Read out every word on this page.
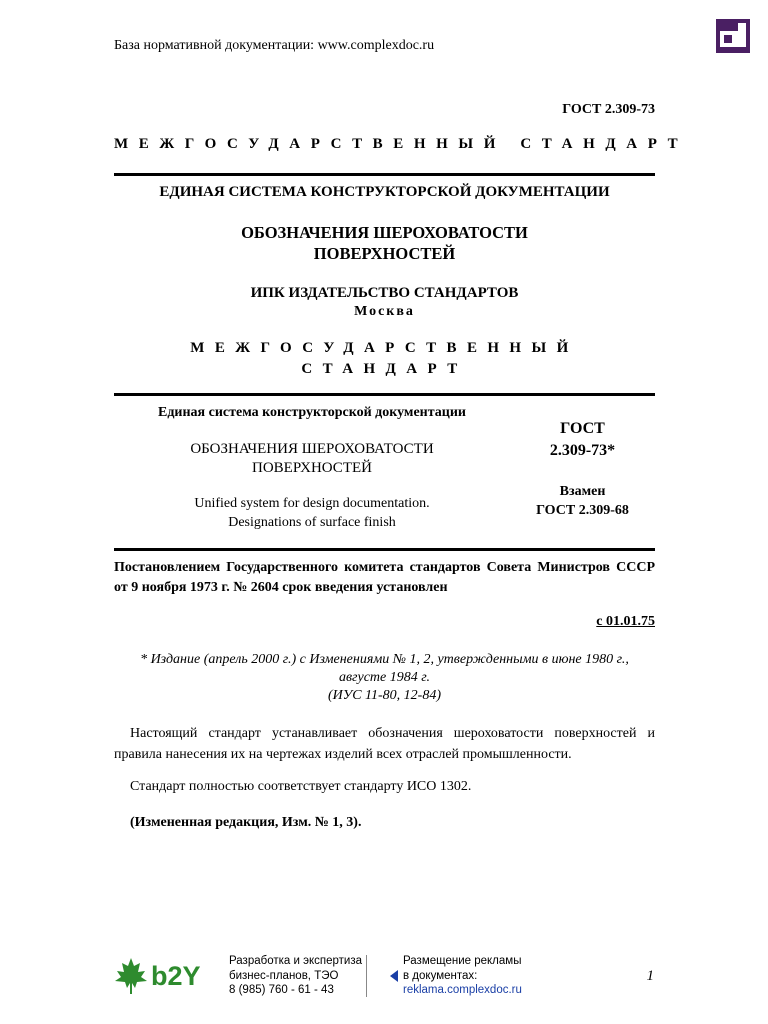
База нормативной документации: www.complexdoc.ru
ГОСТ 2.309-73
МЕЖГОСУДАРСТВЕННЫЙ СТАНДАРТ
ЕДИНАЯ СИСТЕМА КОНСТРУКТОРСКОЙ ДОКУМЕНТАЦИИ
ОБОЗНАЧЕНИЯ ШЕРОХОВАТОСТИ
ПОВЕРХНОСТЕЙ
ИПК ИЗДАТЕЛЬСТВО СТАНДАРТОВ
Москва
МЕЖГОСУДАРСТВЕННЫЙ
СТАНДАРТ
Единая система конструкторской документации
ОБОЗНАЧЕНИЯ ШЕРОХОВАТОСТИ
ПОВЕРХНОСТЕЙ
Unified system for design documentation.
Designations of surface finish
ГОСТ
2.309-73*
Взамен
ГОСТ 2.309-68
Постановлением Государственного комитета стандартов Совета Министров СССР от 9 ноября 1973 г. № 2604 срок введения установлен
с 01.01.75
* Издание (апрель 2000 г.) с Изменениями № 1, 2, утвержденными в июне 1980 г.,
августе 1984 г.
(ИУС 11-80, 12-84)
Настоящий стандарт устанавливает обозначения шероховатости поверхностей и правила нанесения их на чертежах изделий всех отраслей промышленности.
Стандарт полностью соответствует стандарту ИСО 1302.
(Измененная редакция, Изм. № 1, 3).
b2Y Разработка и экспертиза
бизнес-планов, ТЭО
8 (985) 760 - 61 - 43
Размещение рекламы
в документах:
reklama.complexdoc.ru
1
